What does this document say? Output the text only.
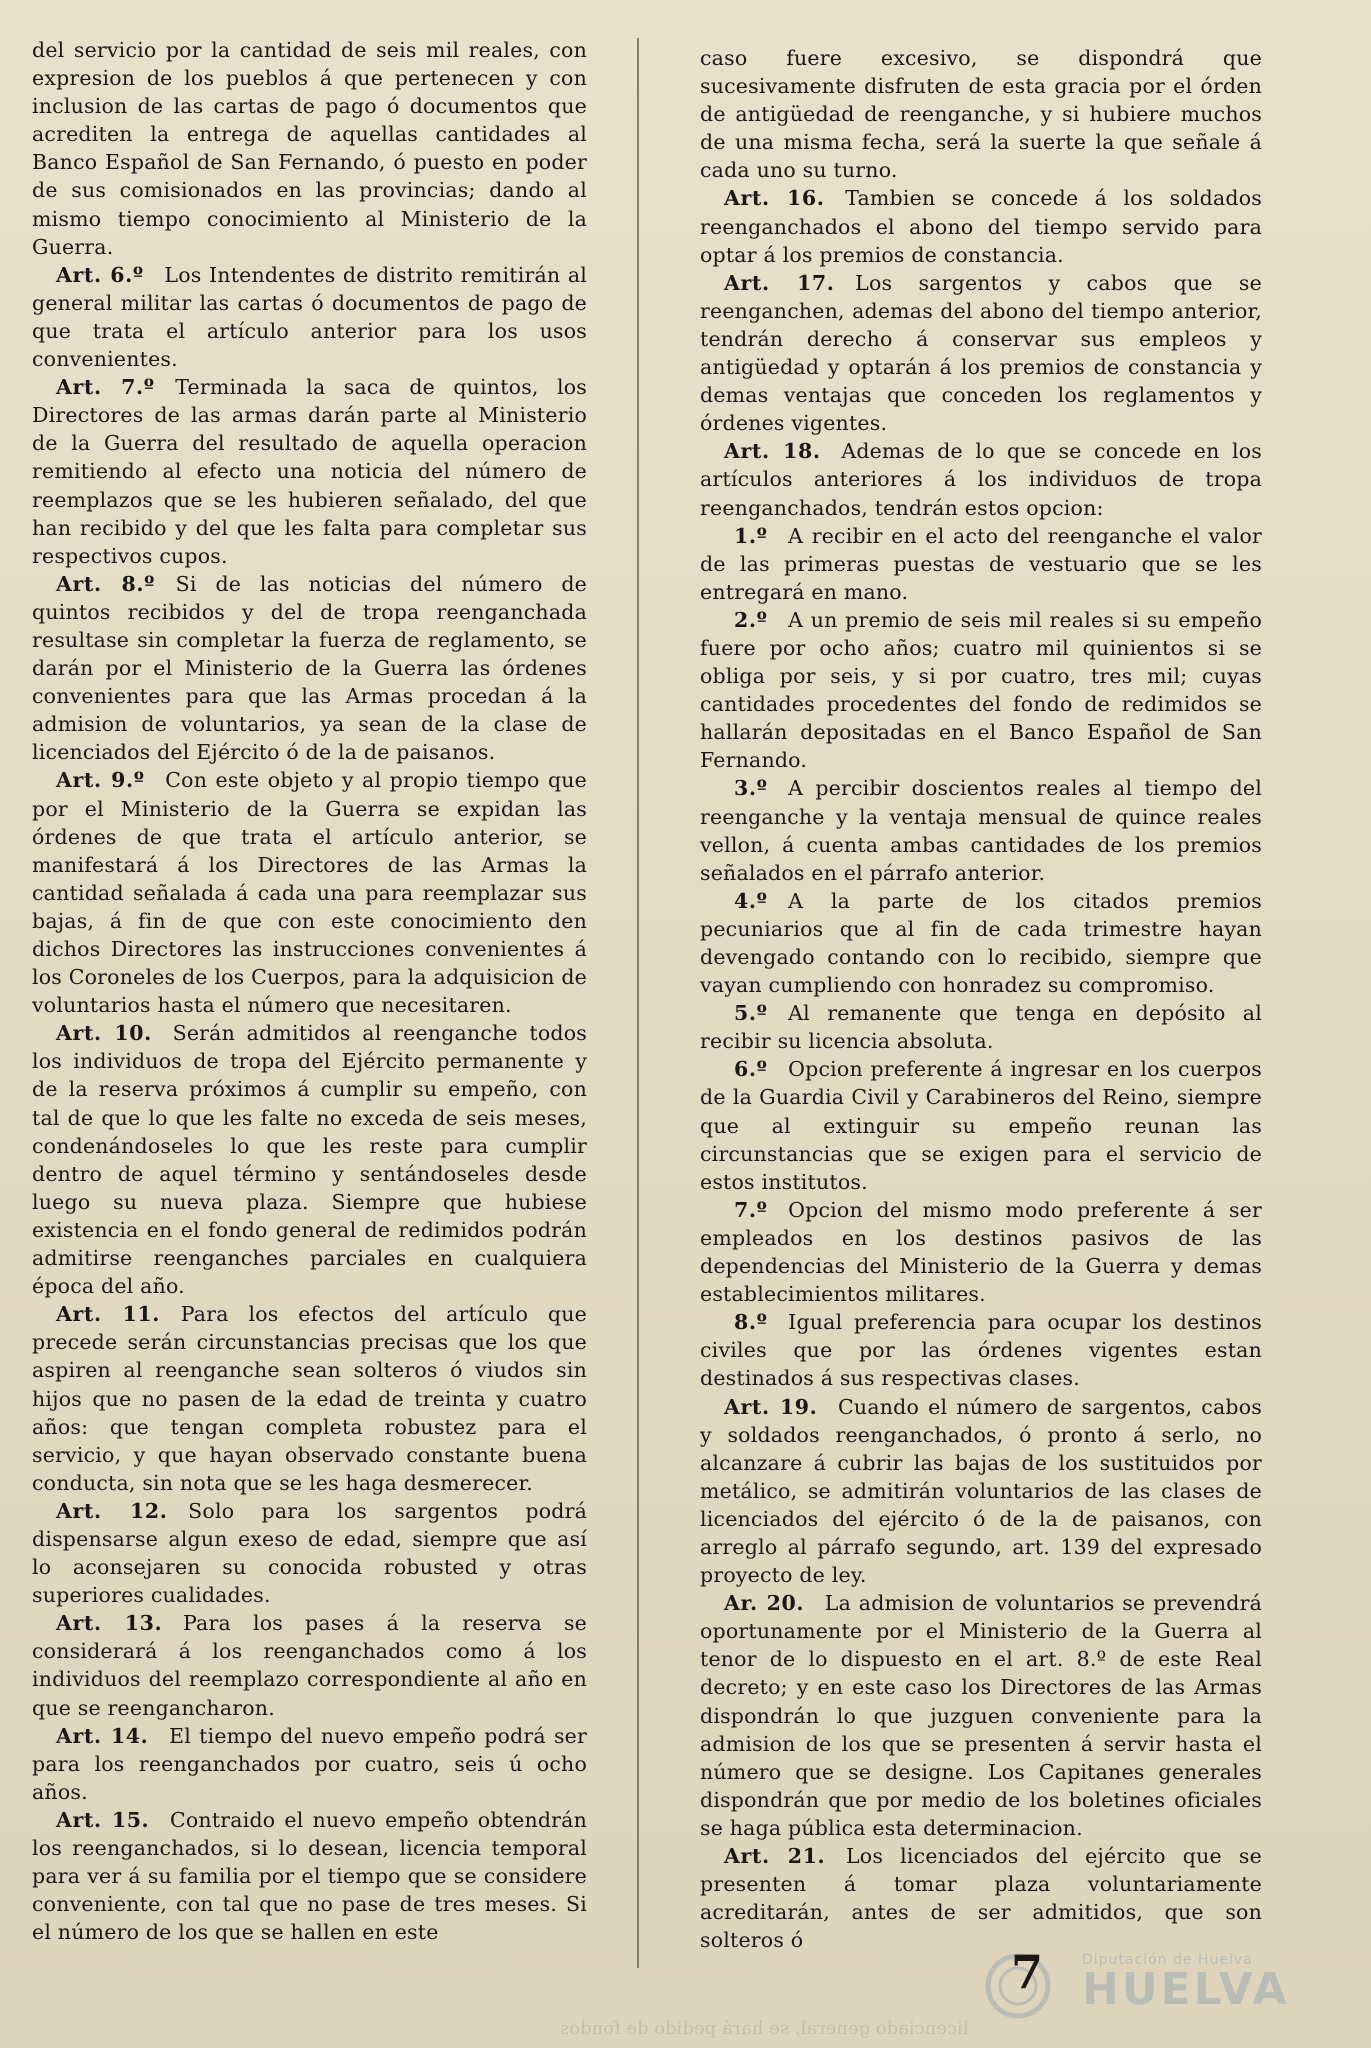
del servicio por la cantidad de seis mil reales, con expresion de los pueblos á que pertenecen y con inclusion de las cartas de pago ó documentos que acrediten la entrega de aquellas cantidades al Banco Español de San Fernando, ó puesto en poder de sus comisionados en las provincias; dando al mismo tiempo conocimiento al Ministerio de la Guerra.

Art. 6.º  Los Intendentes de distrito remitirán al general militar las cartas ó documentos de pago de que trata el artículo anterior para los usos convenientes.

Art. 7.º  Terminada la saca de quintos, los Directores de las armas darán parte al Ministerio de la Guerra del resultado de aquella operacion remitiendo al efecto una noticia del número de reemplazos que se les hubieren señalado, del que han recibido y del que les falta para completar sus respectivos cupos.

Art. 8.º  Si de las noticias del número de quintos recibidos y del de tropa reenganchada resultase sin completar la fuerza de reglamento, se darán por el Ministerio de la Guerra las órdenes convenientes para que las Armas procedan á la admision de voluntarios, ya sean de la clase de licenciados del Ejército ó de la de paisanos.

Art. 9.º  Con este objeto y al propio tiempo que por el Ministerio de la Guerra se expidan las órdenes de que trata el artículo anterior, se manifestará á los Directores de las Armas la cantidad señalada á cada una para reemplazar sus bajas, á fin de que con este conocimiento den dichos Directores las instrucciones convenientes á los Coroneles de los Cuerpos, para la adquisicion de voluntarios hasta el número que necesitaren.

Art. 10.  Serán admitidos al reenganche todos los individuos de tropa del Ejército permanente y de la reserva próximos á cumplir su empeño, con tal de que lo que les falte no exceda de seis meses, condenándoseles lo que les reste para cumplir dentro de aquel término y sentándoseles desde luego su nueva plaza. Siempre que hubiese existencia en el fondo general de redimidos podrán admitirse reenganches parciales en cualquiera época del año.

Art. 11.  Para los efectos del artículo que precede serán circunstancias precisas que los que aspiren al reenganche sean solteros ó viudos sin hijos que no pasen de la edad de treinta y cuatro años: que tengan completa robustez para el servicio, y que hayan observado constante buena conducta, sin nota que se les haga desmerecer.

Art. 12.  Solo para los sargentos podrá dispensarse algun exeso de edad, siempre que así lo aconsejaren su conocida robusted y otras superiores cualidades.

Art. 13.  Para los pases á la reserva se considerará á los reenganchados como á los individuos del reemplazo correspondiente al año en que se reengancharon.

Art. 14.  El tiempo del nuevo empeño podrá ser para los reenganchados por cuatro, seis ú ocho años.

Art. 15.  Contraido el nuevo empeño obtendrán los reenganchados, si lo desean, licencia temporal para ver á su familia por el tiempo que se considere conveniente, con tal que no pase de tres meses. Si el número de los que se hallen en este

caso fuere excesivo, se dispondrá que sucesivamente disfruten de esta gracia por el órden de antigüedad de reenganche, y si hubiere muchos de una misma fecha, será la suerte la que señale á cada uno su turno.

Art. 16.  Tambien se concede á los soldados reenganchados el abono del tiempo servido para optar á los premios de constancia.

Art. 17.  Los sargentos y cabos que se reenganchen, ademas del abono del tiempo anterior, tendrán derecho á conservar sus empleos y antigüedad y optarán á los premios de constancia y demas ventajas que conceden los reglamentos y órdenes vigentes.

Art. 18.  Ademas de lo que se concede en los artículos anteriores á los individuos de tropa reenganchados, tendrán estos opcion:

1.º  A recibir en el acto del reenganche el valor de las primeras puestas de vestuario que se les entregará en mano.

2.º  A un premio de seis mil reales si su empeño fuere por ocho años; cuatro mil quinientos si se obliga por seis, y si por cuatro, tres mil; cuyas cantidades procedentes del fondo de redimidos se hallarán depositadas en el Banco Español de San Fernando.

3.º  A percibir doscientos reales al tiempo del reenganche y la ventaja mensual de quince reales vellon, á cuenta ambas cantidades de los premios señalados en el párrafo anterior.

4.º  A la parte de los citados premios pecuniarios que al fin de cada trimestre hayan devengado contando con lo recibido, siempre que vayan cumpliendo con honradez su compromiso.

5.º  Al remanente que tenga en depósito al recibir su licencia absoluta.

6.º  Opcion preferente á ingresar en los cuerpos de la Guardia Civil y Carabineros del Reino, siempre que al extinguir su empeño reunan las circunstancias que se exigen para el servicio de estos institutos.

7.º  Opcion del mismo modo preferente á ser empleados en los destinos pasivos de las dependencias del Ministerio de la Guerra y demas establecimientos militares.

8.º  Igual preferencia para ocupar los destinos civiles que por las órdenes vigentes estan destinados á sus respectivas clases.

Art. 19.  Cuando el número de sargentos, cabos y soldados reenganchados, ó pronto á serlo, no alcanzare á cubrir las bajas de los sustituidos por metálico, se admitirán voluntarios de las clases de licenciados del ejército ó de la de paisanos, con arreglo al párrafo segundo, art. 139 del expresado proyecto de ley.

Ar. 20.  La admision de voluntarios se prevendrá oportunamente por el Ministerio de la Guerra al tenor de lo dispuesto en el art. 8.º de este Real decreto; y en este caso los Directores de las Armas dispondrán lo que juzguen conveniente para la admision de los que se presenten á servir hasta el número que se designe. Los Capitanes generales dispondrán que por medio de los boletines oficiales se haga pública esta determinacion.

Art. 21.  Los licenciados del ejército que se presenten á tomar plaza voluntariamente acreditarán, antes de ser admitidos, que son solteros ó

licenciado general, se hará pedido de fondos
Diputación de Huelva
HUELVA
7
